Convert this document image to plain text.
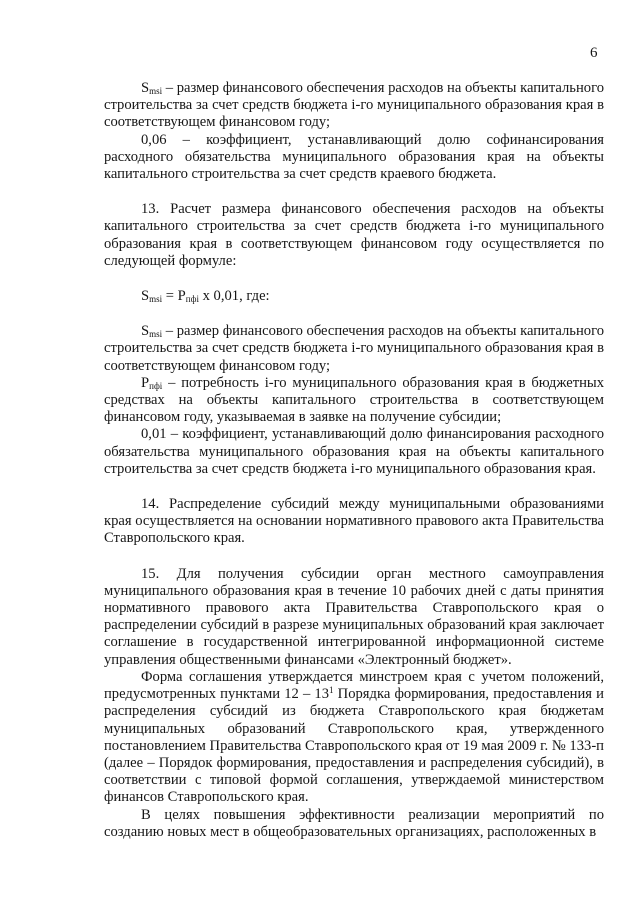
6

$S_{msi}$ – размер финансового обеспечения расходов на объекты капитального строительства за счет средств бюджета i-го муниципального образования края в соответствующем финансовом году;

0,06 – коэффициент, устанавливающий долю софинансирования расходного обязательства муниципального образования края на объекты капитального строительства за счет средств краевого бюджета.

13. Расчет размера финансового обеспечения расходов на объекты капитального строительства за счет средств бюджета i-го муниципального образования края в соответствующем финансовом году осуществляется по следующей формуле:

$S_{msi} = P_{пфi}$ x 0,01, где:

$S_{msi}$ – размер финансового обеспечения расходов на объекты капитального строительства за счет средств бюджета i-го муниципального образования края в соответствующем финансовом году;

$P_{пфi}$ – потребность i-го муниципального образования края в бюджетных средствах на объекты капитального строительства в соответствующем финансовом году, указываемая в заявке на получение субсидии;

0,01 – коэффициент, устанавливающий долю финансирования расходного обязательства муниципального образования края на объекты капитального строительства за счет средств бюджета i-го муниципального образования края.

14. Распределение субсидий между муниципальными образованиями края осуществляется на основании нормативного правового акта Правительства Ставропольского края.

15. Для получения субсидии орган местного самоуправления муниципального образования края в течение 10 рабочих дней с даты принятия нормативного правового акта Правительства Ставропольского края о распределении субсидий в разрезе муниципальных образований края заключает соглашение в государственной интегрированной информационной системе управления общественными финансами «Электронный бюджет».

Форма соглашения утверждается минстроем края с учетом положений, предусмотренных пунктами $12 - 13^1$ Порядка формирования, предоставления и распределения субсидий из бюджета Ставропольского края бюджетам муниципальных образований Ставропольского края, утвержденного постановлением Правительства Ставропольского края от 19 мая 2009 г. № 133-п (далее – Порядок формирования, предоставления и распределения субсидий), в соответствии с типовой формой соглашения, утверждаемой министерством финансов Ставропольского края.

В целях повышения эффективности реализации мероприятий по созданию новых мест в общеобразовательных организациях, расположенных в
